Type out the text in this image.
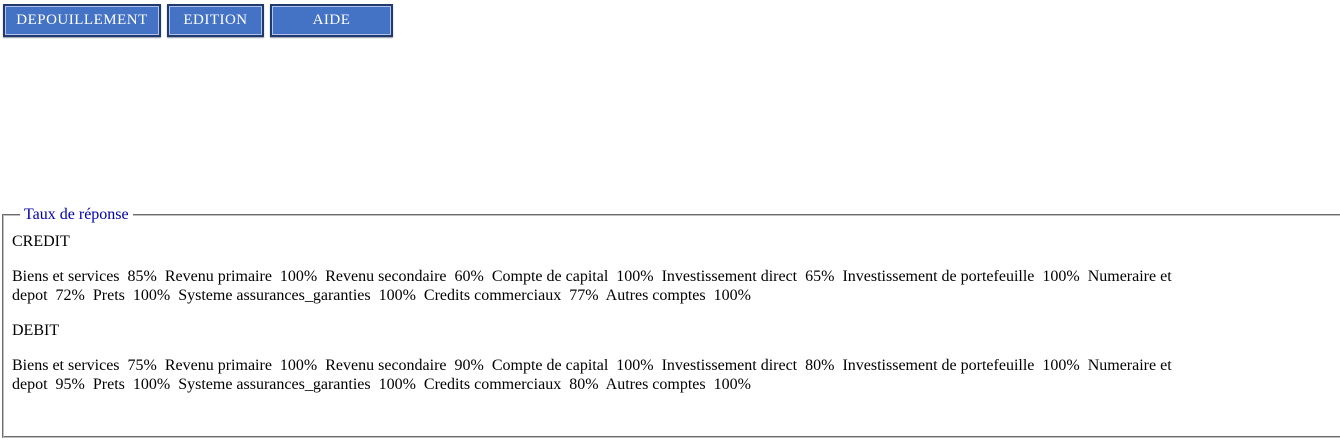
DEPOUILLEMENT	EDITION	AIDE
Taux de réponse

CREDIT

Biens et services  85%  Revenu primaire  100%  Revenu secondaire  60%  Compte de capital  100%  Investissement direct  65%  Investissement de portefeuille  100%  Numeraire et depot  72%  Prets  100%  Systeme assurances_garanties  100%  Credits commerciaux  77%  Autres comptes  100%

DEBIT

Biens et services  75%  Revenu primaire  100%  Revenu secondaire  90%  Compte de capital  100%  Investissement direct  80%  Investissement de portefeuille  100%  Numeraire et depot  95%  Prets  100%  Systeme assurances_garanties  100%  Credits commerciaux  80%  Autres comptes  100%
